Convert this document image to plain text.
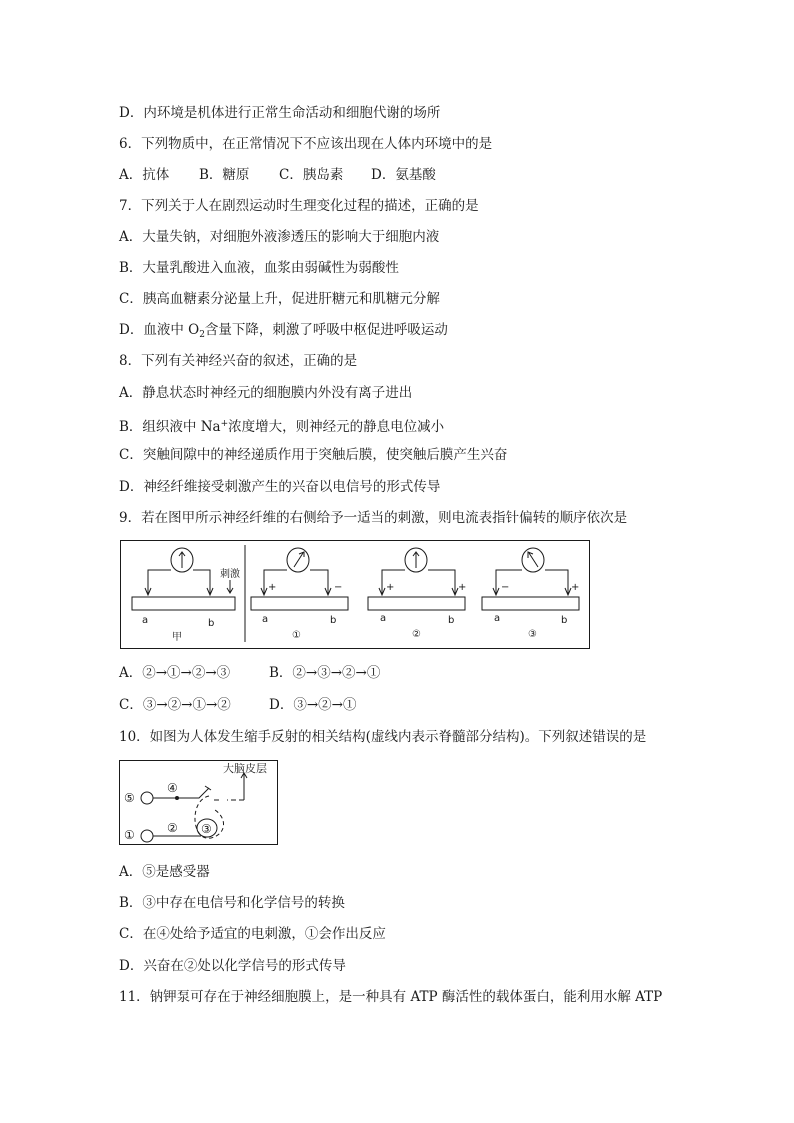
D．内环境是机体进行正常生命活动和细胞代谢的场所
6．下列物质中，在正常情况下不应该出现在人体内环境中的是
A．抗体 B．糖原 C．胰岛素 D．氨基酸
7．下列关于人在剧烈运动时生理变化过程的描述，正确的是
A．大量失钠，对细胞外液渗透压的影响大于细胞内液
B．大量乳酸进入血液，血浆由弱碱性为弱酸性
C．胰高血糖素分泌量上升，促进肝糖元和肌糖元分解
D．血液中 $O_2$含量下降，刺激了呼吸中枢促进呼吸运动
8．下列有关神经兴奋的叙述，正确的是
A．静息状态时神经元的细胞膜内外没有离子进出
B．组织液中 Na+浓度增大，则神经元的静息电位减小
C．突触间隙中的神经递质作用于突触后膜，使突触后膜产生兴奋
D．神经纤维接受刺激产生的兴奋以电信号的形式传导
9．若在图甲所示神经纤维的右侧给予一适当的刺激，则电流表指针偏转的顺序依次是
刺激
a	b
甲
+	−
a	b
①
+	+
a	b
②
−	+
a	b
③
A．②→①→②→③	B．②→③→②→①
C．③→②→①→②	D．③→②→①
10．如图为人体发生缩手反射的相关结构(虚线内表示脊髓部分结构)。下列叙述错误的是
大脑皮层
⑤
④
③
①	②
A．⑤是感受器
B．③中存在电信号和化学信号的转换
C．在④处给予适宜的电刺激，①会作出反应
D．兴奋在②处以化学信号的形式传导
11．钠钾泵可存在于神经细胞膜上，是一种具有 ATP 酶活性的载体蛋白，能利用水解 ATP
